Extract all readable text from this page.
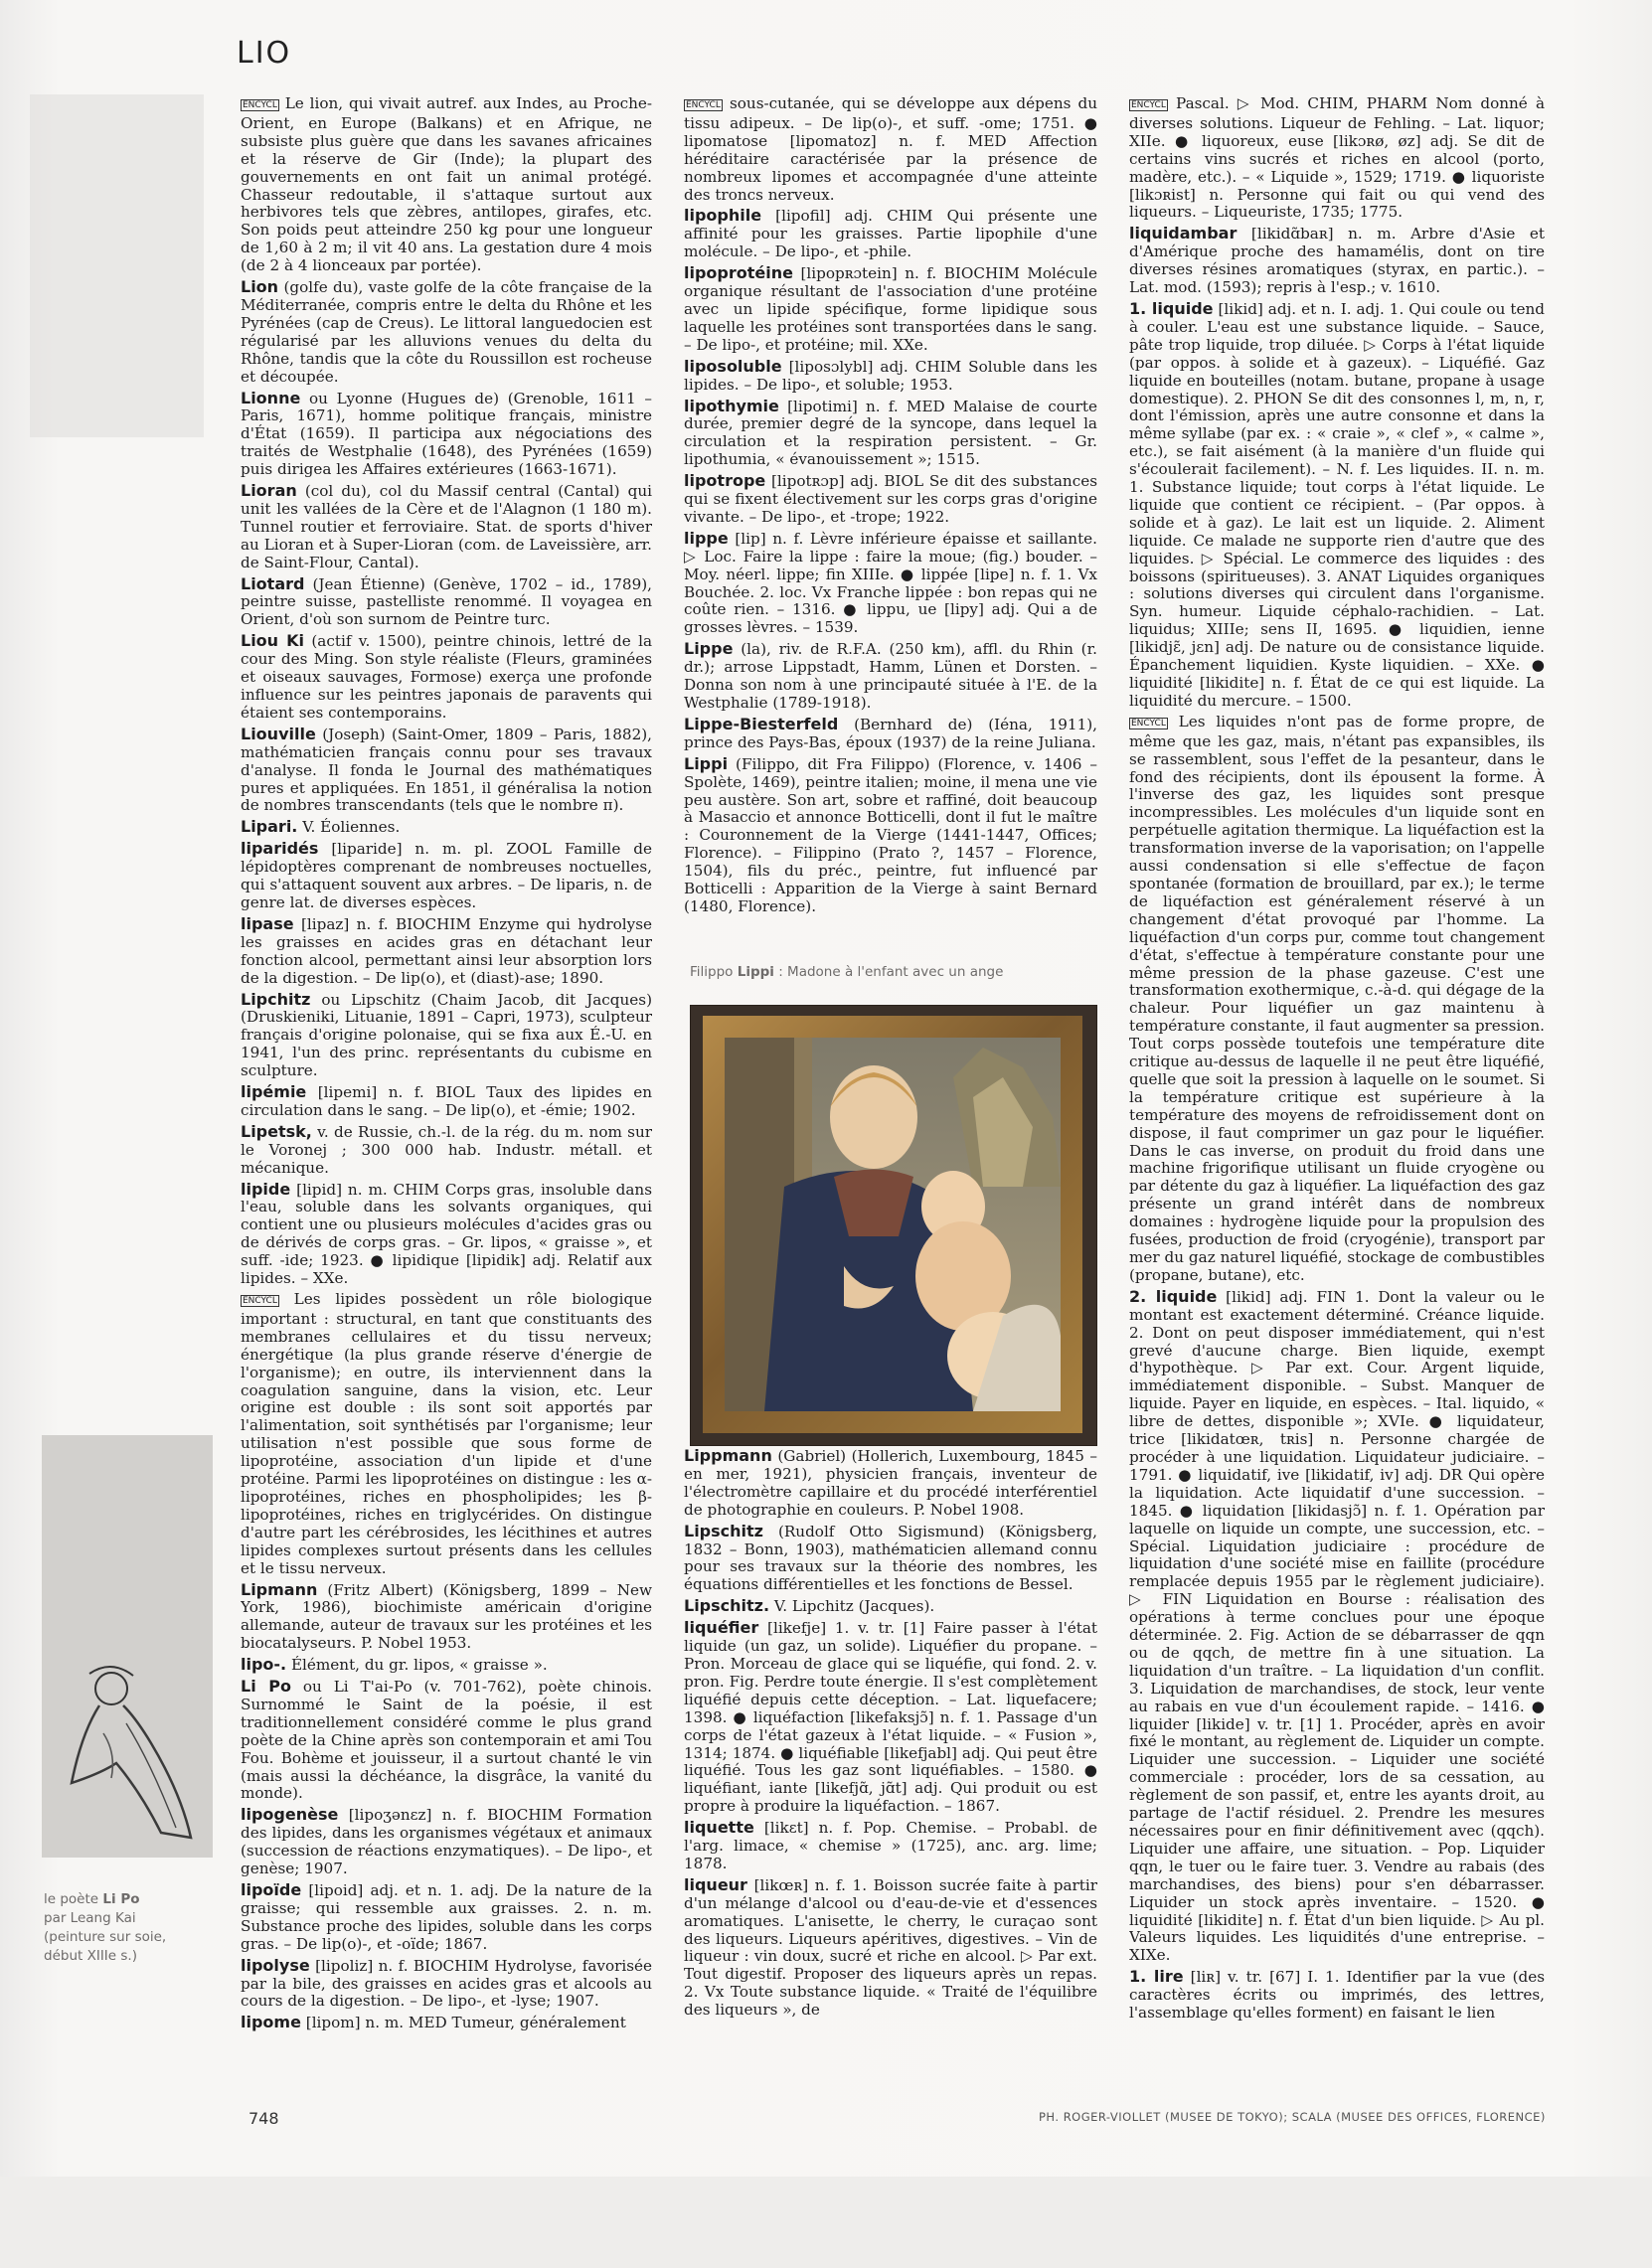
LIO
ENCYCL Le lion, qui vivait autref. aux Indes, au Proche-Orient, en Europe (Balkans) et en Afrique, ne subsiste plus guère que dans les savanes africaines et la réserve de Gir (Inde); la plupart des gouvernements en ont fait un animal protégé. Chasseur redoutable, il s'attaque surtout aux herbivores tels que zèbres, antilopes, girafes, etc. Son poids peut atteindre 250 kg pour une longueur de 1,60 à 2 m; il vit 40 ans. La gestation dure 4 mois (de 2 à 4 lionceaux par portée).
Lion (golfe du), vaste golfe de la côte française de la Méditerranée, compris entre le delta du Rhône et les Pyrénées (cap de Creus). Le littoral languedocien est régularisé par les alluvions venues du delta du Rhône, tandis que la côte du Roussillon est rocheuse et découpée.
Lionne ou Lyonne (Hugues de) (Grenoble, 1611 – Paris, 1671), homme politique français, ministre d'État (1659). Il participa aux négociations des traités de Westphalie (1648), des Pyrénées (1659) puis dirigea les Affaires extérieures (1663-1671).
Lioran (col du), col du Massif central (Cantal) qui unit les vallées de la Cère et de l'Alagnon (1 180 m). Tunnel routier et ferroviaire. Stat. de sports d'hiver au Lioran et à Super-Lioran (com. de Laveissière, arr. de Saint-Flour, Cantal).
Liotard (Jean Étienne) (Genève, 1702 – id., 1789), peintre suisse, pastelliste renommé. Il voyagea en Orient, d'où son surnom de Peintre turc.
Liou Ki (actif v. 1500), peintre chinois, lettré de la cour des Ming. Son style réaliste (Fleurs, graminées et oiseaux sauvages, Formose) exerça une profonde influence sur les peintres japonais de paravents qui étaient ses contemporains.
Liouville (Joseph) (Saint-Omer, 1809 – Paris, 1882), mathématicien français connu pour ses travaux d'analyse. Il fonda le Journal des mathématiques pures et appliquées. En 1851, il généralisa la notion de nombres transcendants (tels que le nombre π).
Lipari. V. Éoliennes.
liparidés [liparide] n. m. pl. ZOOL Famille de lépidoptères comprenant de nombreuses noctuelles, qui s'attaquent souvent aux arbres. – De liparis, n. de genre lat. de diverses espèces.
lipase [lipaz] n. f. BIOCHIM Enzyme qui hydrolyse les graisses en acides gras en détachant leur fonction alcool, permettant ainsi leur absorption lors de la digestion. – De lip(o), et (diast)-ase; 1890.
Lipchitz ou Lipschitz (Chaim Jacob, dit Jacques) (Druskieniki, Lituanie, 1891 – Capri, 1973), sculpteur français d'origine polonaise, qui se fixa aux É.-U. en 1941, l'un des princ. représentants du cubisme en sculpture.
lipémie [lipemi] n. f. BIOL Taux des lipides en circulation dans le sang. – De lip(o), et -émie; 1902.
Lipetsk, v. de Russie, ch.-l. de la rég. du m. nom sur le Voronej ; 300 000 hab. Industr. métall. et mécanique.
lipide [lipid] n. m. CHIM Corps gras, insoluble dans l'eau, soluble dans les solvants organiques, qui contient une ou plusieurs molécules d'acides gras ou de dérivés de corps gras. – Gr. lipos, « graisse », et suff. -ide; 1923. ● lipidique [lipidik] adj. Relatif aux lipides. – XXe.
ENCYCL Les lipides possèdent un rôle biologique important : structural, en tant que constituants des membranes cellulaires et du tissu nerveux; énergétique (la plus grande réserve d'énergie de l'organisme); en outre, ils interviennent dans la coagulation sanguine, dans la vision, etc. Leur origine est double : ils sont soit apportés par l'alimentation, soit synthétisés par l'organisme; leur utilisation n'est possible que sous forme de lipoprotéine, association d'un lipide et d'une protéine. Parmi les lipoprotéines on distingue : les α-lipoprotéines, riches en phospholipides; les β-lipoprotéines, riches en triglycérides. On distingue d'autre part les cérébrosides, les lécithines et autres lipides complexes surtout présents dans les cellules et le tissu nerveux.
Lipmann (Fritz Albert) (Königsberg, 1899 – New York, 1986), biochimiste américain d'origine allemande, auteur de travaux sur les protéines et les biocatalyseurs. P. Nobel 1953.
lipo-. Élément, du gr. lipos, « graisse ».
Li Po ou Li T'ai-Po (v. 701-762), poète chinois. Surnommé le Saint de la poésie, il est traditionnellement considéré comme le plus grand poète de la Chine après son contemporain et ami Tou Fou. Bohème et jouisseur, il a surtout chanté le vin (mais aussi la déchéance, la disgrâce, la vanité du monde).
lipogenèse [lipoʒənɛz] n. f. BIOCHIM Formation des lipides, dans les organismes végétaux et animaux (succession de réactions enzymatiques). – De lipo-, et genèse; 1907.
lipoïde [lipoid] adj. et n. 1. adj. De la nature de la graisse; qui ressemble aux graisses. 2. n. m. Substance proche des lipides, soluble dans les corps gras. – De lip(o)-, et -oïde; 1867.
lipolyse [lipoliz] n. f. BIOCHIM Hydrolyse, favorisée par la bile, des graisses en acides gras et alcools au cours de la digestion. – De lipo-, et -lyse; 1907.
lipome [lipom] n. m. MED Tumeur, généralement
ENCYCL sous-cutanée, qui se développe aux dépens du tissu adipeux. – De lip(o)-, et suff. -ome; 1751. ● lipomatose [lipomatoz] n. f. MED Affection héréditaire caractérisée par la présence de nombreux lipomes et accompagnée d'une atteinte des troncs nerveux.
lipophile [lipofil] adj. CHIM Qui présente une affinité pour les graisses. Partie lipophile d'une molécule. – De lipo-, et -phile.
lipoprotéine [lipopʀɔtein] n. f. BIOCHIM Molécule organique résultant de l'association d'une protéine avec un lipide spécifique, forme lipidique sous laquelle les protéines sont transportées dans le sang. – De lipo-, et protéine; mil. XXe.
liposoluble [liposɔlybl] adj. CHIM Soluble dans les lipides. – De lipo-, et soluble; 1953.
lipothymie [lipotimi] n. f. MED Malaise de courte durée, premier degré de la syncope, dans lequel la circulation et la respiration persistent. – Gr. lipothumia, « évanouissement »; 1515.
lipotrope [lipotʀɔp] adj. BIOL Se dit des substances qui se fixent électivement sur les corps gras d'origine vivante. – De lipo-, et -trope; 1922.
lippe [lip] n. f. Lèvre inférieure épaisse et saillante. ▷ Loc. Faire la lippe : faire la moue; (fig.) bouder. – Moy. néerl. lippe; fin XIIIe. ● lippée [lipe] n. f. 1. Vx Bouchée. 2. loc. Vx Franche lippée : bon repas qui ne coûte rien. – 1316. ● lippu, ue [lipy] adj. Qui a de grosses lèvres. – 1539.
Lippe (la), riv. de R.F.A. (250 km), affl. du Rhin (r. dr.); arrose Lippstadt, Hamm, Lünen et Dorsten. – Donna son nom à une principauté située à l'E. de la Westphalie (1789-1918).
Lippe-Biesterfeld (Bernhard de) (Iéna, 1911), prince des Pays-Bas, époux (1937) de la reine Juliana.
Lippi (Filippo, dit Fra Filippo) (Florence, v. 1406 – Spolète, 1469), peintre italien; moine, il mena une vie peu austère. Son art, sobre et raffiné, doit beaucoup à Masaccio et annonce Botticelli, dont il fut le maître : Couronnement de la Vierge (1441-1447, Offices; Florence). – Filippino (Prato ?, 1457 – Florence, 1504), fils du préc., peintre, fut influencé par Botticelli : Apparition de la Vierge à saint Bernard (1480, Florence).
Filippo Lippi : Madone à l'enfant avec un ange
Lippmann (Gabriel) (Hollerich, Luxembourg, 1845 – en mer, 1921), physicien français, inventeur de l'électromètre capillaire et du procédé interférentiel de photographie en couleurs. P. Nobel 1908.
Lipschitz (Rudolf Otto Sigismund) (Königsberg, 1832 – Bonn, 1903), mathématicien allemand connu pour ses travaux sur la théorie des nombres, les équations différentielles et les fonctions de Bessel.
Lipschitz. V. Lipchitz (Jacques).
liquéfier [likefje] 1. v. tr. [1] Faire passer à l'état liquide (un gaz, un solide). Liquéfier du propane. – Pron. Morceau de glace qui se liquéfie, qui fond. 2. v. pron. Fig. Perdre toute énergie. Il s'est complètement liquéfié depuis cette déception. – Lat. liquefacere; 1398. ● liquéfaction [likefaksjɔ̃] n. f. 1. Passage d'un corps de l'état gazeux à l'état liquide. – « Fusion », 1314; 1874. ● liquéfiable [likefjabl] adj. Qui peut être liquéfié. Tous les gaz sont liquéfiables. – 1580. ● liquéfiant, iante [likefjɑ̃, jɑ̃t] adj. Qui produit ou est propre à produire la liquéfaction. – 1867.
liquette [likɛt] n. f. Pop. Chemise. – Probabl. de l'arg. limace, « chemise » (1725), anc. arg. lime; 1878.
liqueur [likœʀ] n. f. 1. Boisson sucrée faite à partir d'un mélange d'alcool ou d'eau-de-vie et d'essences aromatiques. L'anisette, le cherry, le curaçao sont des liqueurs. Liqueurs apéritives, digestives. – Vin de liqueur : vin doux, sucré et riche en alcool. ▷ Par ext. Tout digestif. Proposer des liqueurs après un repas. 2. Vx Toute substance liquide. « Traité de l'équilibre des liqueurs », de
ENCYCL Pascal. ▷ Mod. CHIM, PHARM Nom donné à diverses solutions. Liqueur de Fehling. – Lat. liquor; XIIe. ● liquoreux, euse [likɔʀø, øz] adj. Se dit de certains vins sucrés et riches en alcool (porto, madère, etc.). – « Liquide », 1529; 1719. ● liquoriste [likɔʀist] n. Personne qui fait ou qui vend des liqueurs. – Liqueuriste, 1735; 1775.
liquidambar [likidɑ̃baʀ] n. m. Arbre d'Asie et d'Amérique proche des hamamélis, dont on tire diverses résines aromatiques (styrax, en partic.). – Lat. mod. (1593); repris à l'esp.; v. 1610.
1. liquide [likid] adj. et n. I. adj. 1. Qui coule ou tend à couler. L'eau est une substance liquide. – Sauce, pâte trop liquide, trop diluée. ▷ Corps à l'état liquide (par oppos. à solide et à gazeux). – Liquéfié. Gaz liquide en bouteilles (notam. butane, propane à usage domestique). 2. PHON Se dit des consonnes l, m, n, r, dont l'émission, après une autre consonne et dans la même syllabe (par ex. : « craie », « clef », « calme », etc.), se fait aisément (à la manière d'un fluide qui s'écoulerait facilement). – N. f. Les liquides. II. n. m. 1. Substance liquide; tout corps à l'état liquide. Le liquide que contient ce récipient. – (Par oppos. à solide et à gaz). Le lait est un liquide. 2. Aliment liquide. Ce malade ne supporte rien d'autre que des liquides. ▷ Spécial. Le commerce des liquides : des boissons (spiritueuses). 3. ANAT Liquides organiques : solutions diverses qui circulent dans l'organisme. Syn. humeur. Liquide céphalo-rachidien. – Lat. liquidus; XIIIe; sens II, 1695. ● liquidien, ienne [likidjɛ̃, jɛn] adj. De nature ou de consistance liquide. Épanchement liquidien. Kyste liquidien. – XXe. ● liquidité [likidite] n. f. État de ce qui est liquide. La liquidité du mercure. – 1500.
ENCYCL Les liquides n'ont pas de forme propre, de même que les gaz, mais, n'étant pas expansibles, ils se rassemblent, sous l'effet de la pesanteur, dans le fond des récipients, dont ils épousent la forme. À l'inverse des gaz, les liquides sont presque incompressibles. Les molécules d'un liquide sont en perpétuelle agitation thermique. La liquéfaction est la transformation inverse de la vaporisation; on l'appelle aussi condensation si elle s'effectue de façon spontanée (formation de brouillard, par ex.); le terme de liquéfaction est généralement réservé à un changement d'état provoqué par l'homme. La liquéfaction d'un corps pur, comme tout changement d'état, s'effectue à température constante pour une même pression de la phase gazeuse. C'est une transformation exothermique, c.-à-d. qui dégage de la chaleur. Pour liquéfier un gaz maintenu à température constante, il faut augmenter sa pression. Tout corps possède toutefois une température dite critique au-dessus de laquelle il ne peut être liquéfié, quelle que soit la pression à laquelle on le soumet. Si la température critique est supérieure à la température des moyens de refroidissement dont on dispose, il faut comprimer un gaz pour le liquéfier. Dans le cas inverse, on produit du froid dans une machine frigorifique utilisant un fluide cryogène ou par détente du gaz à liquéfier. La liquéfaction des gaz présente un grand intérêt dans de nombreux domaines : hydrogène liquide pour la propulsion des fusées, production de froid (cryogénie), transport par mer du gaz naturel liquéfié, stockage de combustibles (propane, butane), etc.
2. liquide [likid] adj. FIN 1. Dont la valeur ou le montant est exactement déterminé. Créance liquide. 2. Dont on peut disposer immédiatement, qui n'est grevé d'aucune charge. Bien liquide, exempt d'hypothèque. ▷ Par ext. Cour. Argent liquide, immédiatement disponible. – Subst. Manquer de liquide. Payer en liquide, en espèces. – Ital. liquido, « libre de dettes, disponible »; XVIe. ● liquidateur, trice [likidatœʀ, tʀis] n. Personne chargée de procéder à une liquidation. Liquidateur judiciaire. – 1791. ● liquidatif, ive [likidatif, iv] adj. DR Qui opère la liquidation. Acte liquidatif d'une succession. – 1845. ● liquidation [likidasjɔ̃] n. f. 1. Opération par laquelle on liquide un compte, une succession, etc. – Spécial. Liquidation judiciaire : procédure de liquidation d'une société mise en faillite (procédure remplacée depuis 1955 par le règlement judiciaire). ▷ FIN Liquidation en Bourse : réalisation des opérations à terme conclues pour une époque déterminée. 2. Fig. Action de se débarrasser de qqn ou de qqch, de mettre fin à une situation. La liquidation d'un traître. – La liquidation d'un conflit. 3. Liquidation de marchandises, de stock, leur vente au rabais en vue d'un écoulement rapide. – 1416. ● liquider [likide] v. tr. [1] 1. Procéder, après en avoir fixé le montant, au règlement de. Liquider un compte. Liquider une succession. – Liquider une société commerciale : procéder, lors de sa cessation, au règlement de son passif, et, entre les ayants droit, au partage de l'actif résiduel. 2. Prendre les mesures nécessaires pour en finir définitivement avec (qqch). Liquider une affaire, une situation. – Pop. Liquider qqn, le tuer ou le faire tuer. 3. Vendre au rabais (des marchandises, des biens) pour s'en débarrasser. Liquider un stock après inventaire. – 1520. ● liquidité [likidite] n. f. État d'un bien liquide. ▷ Au pl. Valeurs liquides. Les liquidités d'une entreprise. – XIXe.
1. lire [liʀ] v. tr. [67] I. 1. Identifier par la vue (des caractères écrits ou imprimés, des lettres, l'assemblage qu'elles forment) en faisant le lien
le poète Li Po
par Leang Kai
(peinture sur soie,
début XIIIe s.)
748	PH. ROGER-VIOLLET (MUSEE DE TOKYO); SCALA (MUSEE DES OFFICES, FLORENCE)
